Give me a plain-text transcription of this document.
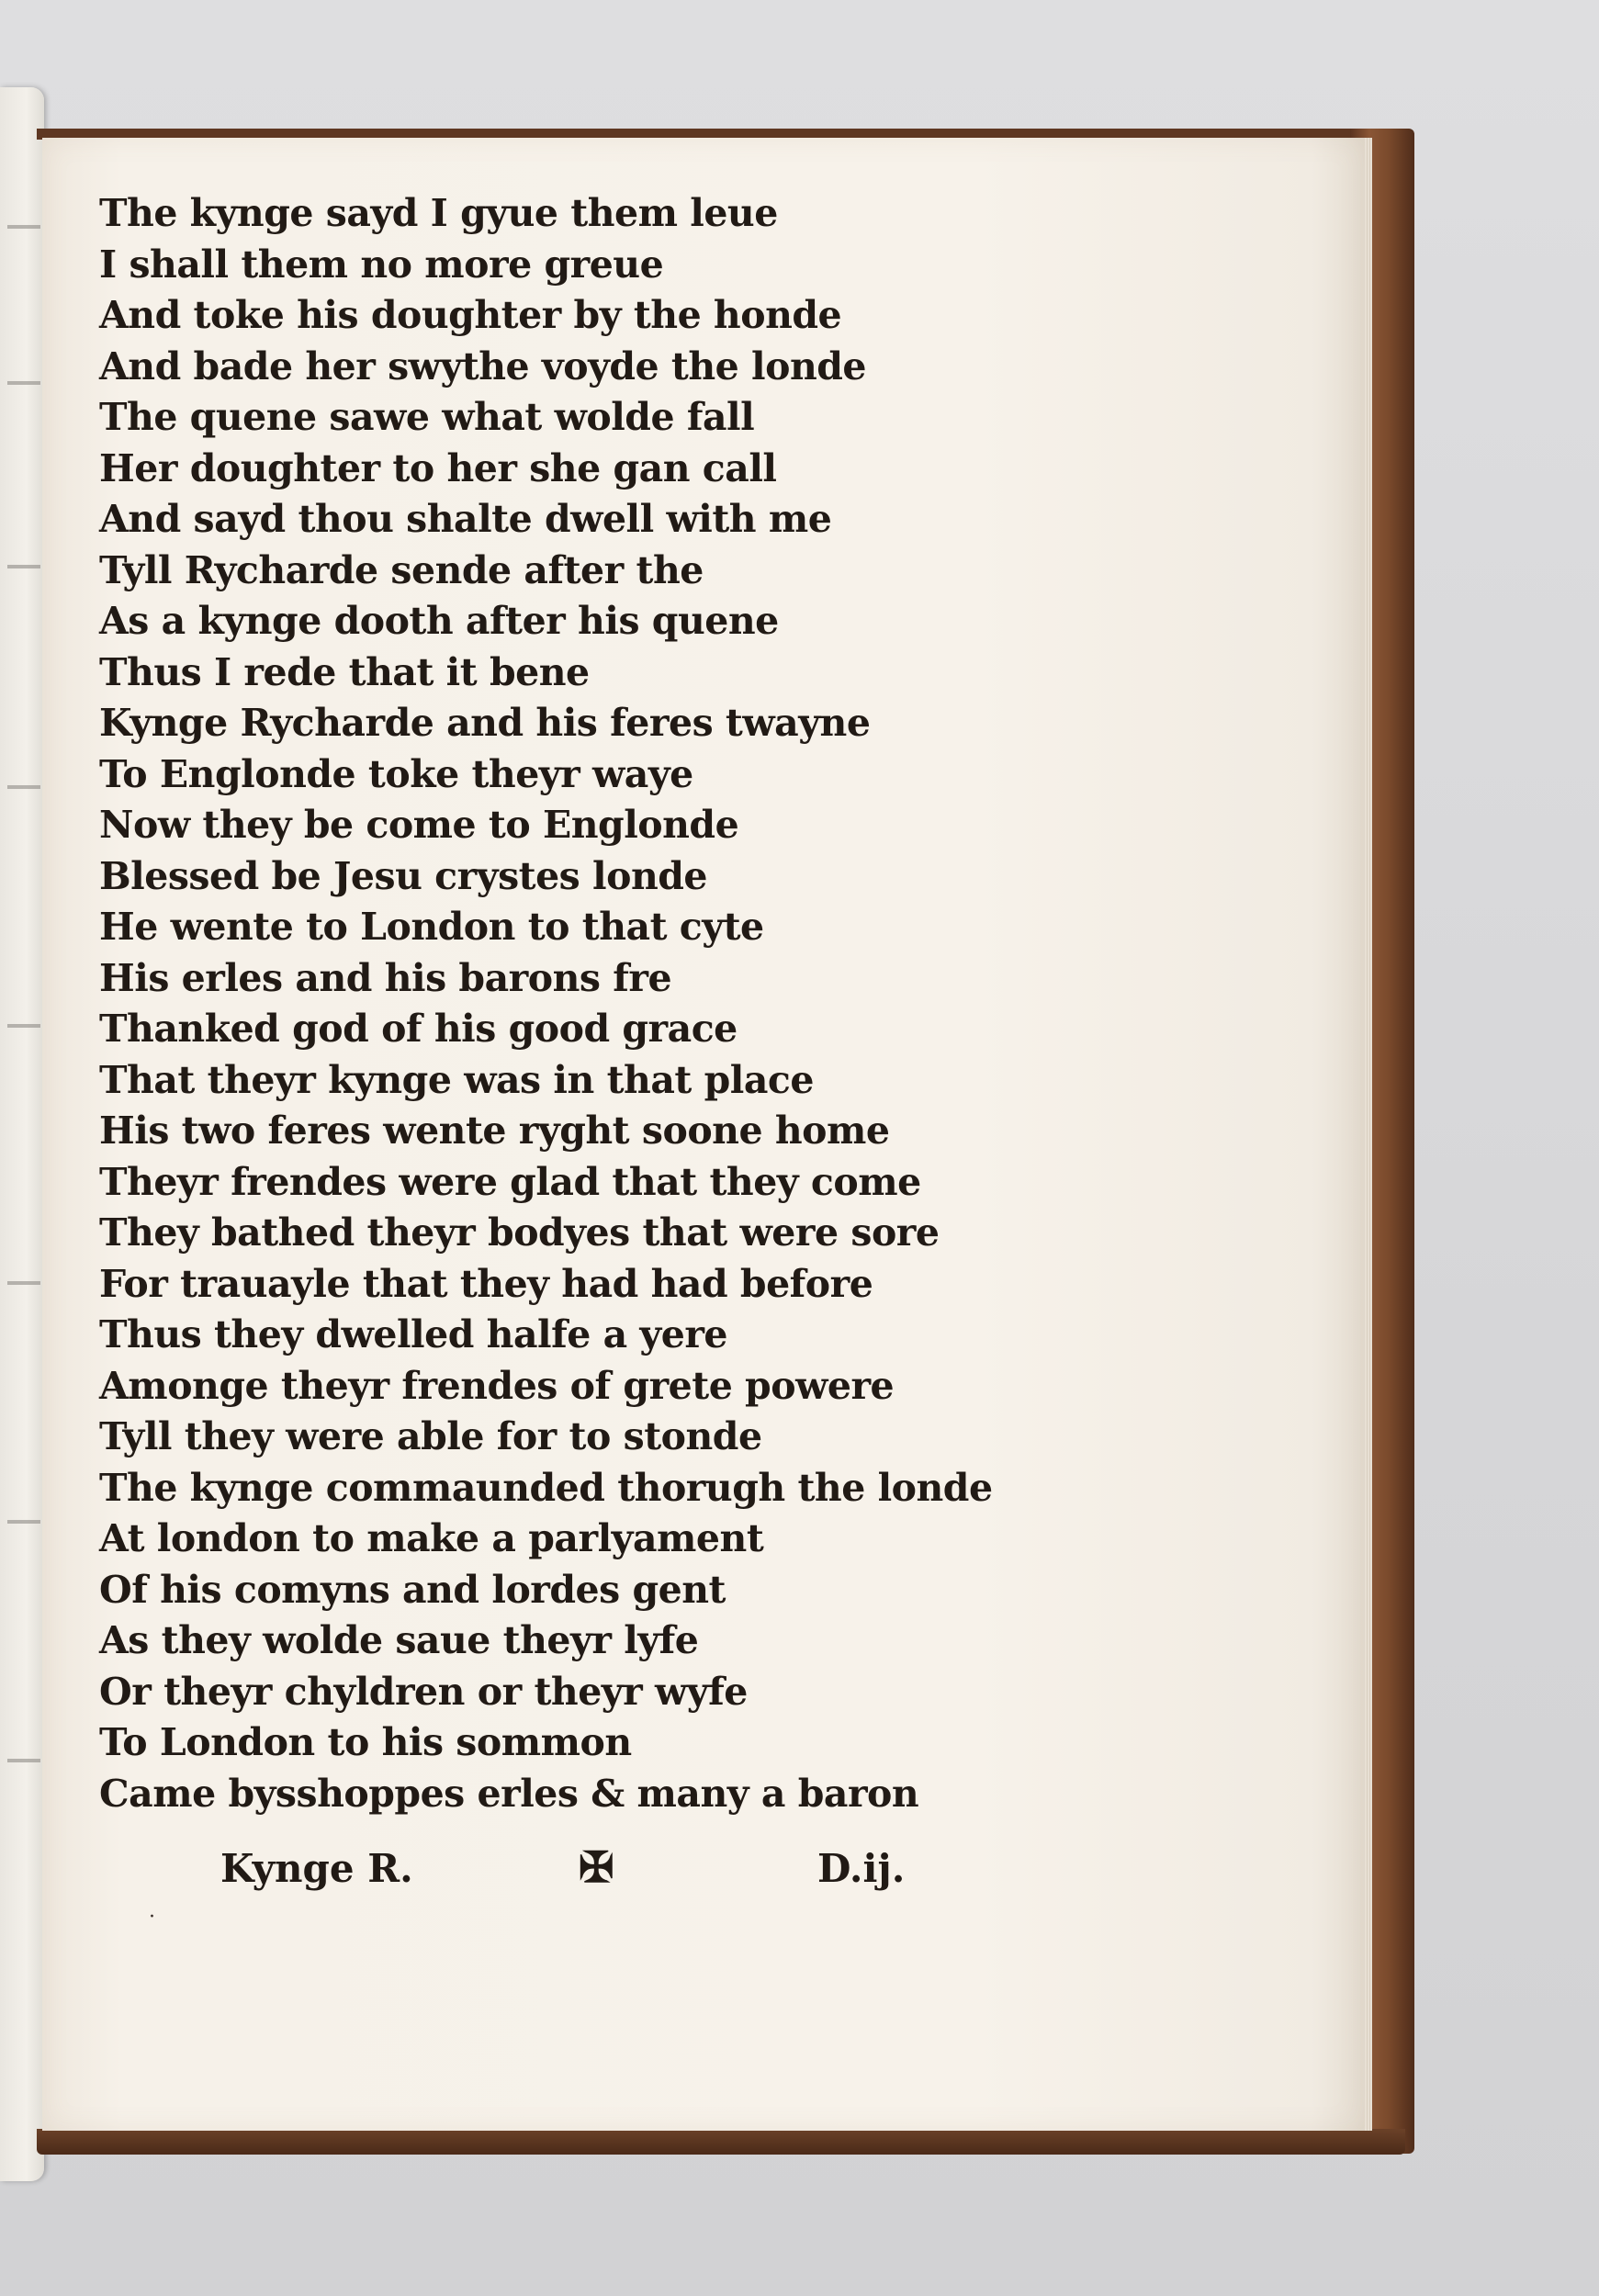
The kynge sayd I gyue them leue
I shall them no more greue
And toke his doughter by the honde
And bade her swythe voyde the londe
The quene sawe what wolde fall
Her doughter to her she gan call
And sayd thou shalte dwell with me
Tyll Rycharde sende after the
As a kynge dooth after his quene
Thus I rede that it bene
Kynge Rycharde and his feres twayne
To Englonde toke theyr waye
Now they be come to Englonde
Blessed be Jesu crystes londe
He wente to London to that cyte
His erles and his barons fre
Thanked god of his good grace
That theyr kynge was in that place
His two feres wente ryght soone home
Theyr frendes were glad that they come
They bathed theyr bodyes that were sore
For trauayle that they had had before
Thus they dwelled halfe a yere
Amonge theyr frendes of grete powere
Tyll they were able for to stonde
The kynge commaunded thorugh the londe
At london to make a parlyament
Of his comyns and lordes gent
As they wolde saue theyr lyfe
Or theyr chyldren or theyr wyfe
To London to his sommon
Came bysshoppes erles & many a baron
Kynge R.	✠	D.ij.
·
